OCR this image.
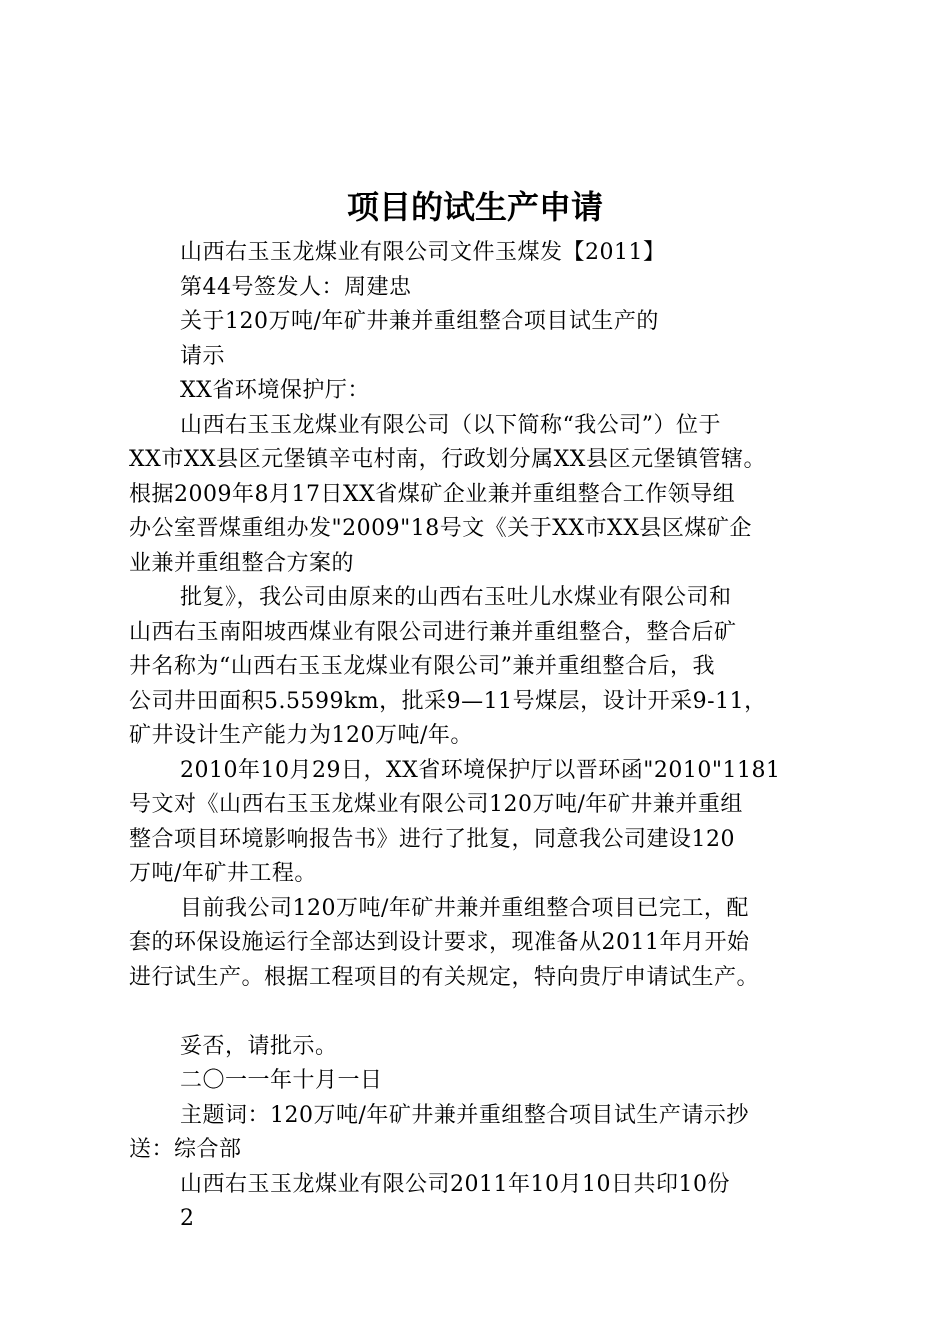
项目的试生产申请
山西右玉玉龙煤业有限公司文件玉煤发【2011】
第44号签发人：周建忠
关于120万吨/年矿井兼并重组整合项目试生产的
请示
XX省环境保护厅：
山西右玉玉龙煤业有限公司（以下简称“我公司”）位于
XX市XX县区元堡镇辛屯村南，行政划分属XX县区元堡镇管辖。
根据2009年8月17日XX省煤矿企业兼并重组整合工作领导组
办公室晋煤重组办发"2009"18号文《关于XX市XX县区煤矿企
业兼并重组整合方案的
批复》，我公司由原来的山西右玉吐儿水煤业有限公司和
山西右玉南阳坡西煤业有限公司进行兼并重组整合，整合后矿
井名称为“山西右玉玉龙煤业有限公司”兼并重组整合后，我
公司井田面积5.5599km，批采9—11号煤层，设计开采9-11，
矿井设计生产能力为120万吨/年。
2010年10月29日，XX省环境保护厅以晋环函"2010"1181
号文对《山西右玉玉龙煤业有限公司120万吨/年矿井兼并重组
整合项目环境影响报告书》进行了批复，同意我公司建设120
万吨/年矿井工程。
目前我公司120万吨/年矿井兼并重组整合项目已完工，配
套的环保设施运行全部达到设计要求，现准备从2011年月开始
进行试生产。根据工程项目的有关规定，特向贵厅申请试生产。
妥否，请批示。
二〇一一年十月一日
主题词：120万吨/年矿井兼并重组整合项目试生产请示抄
送：综合部
山西右玉玉龙煤业有限公司2011年10月10日共印10份
2
